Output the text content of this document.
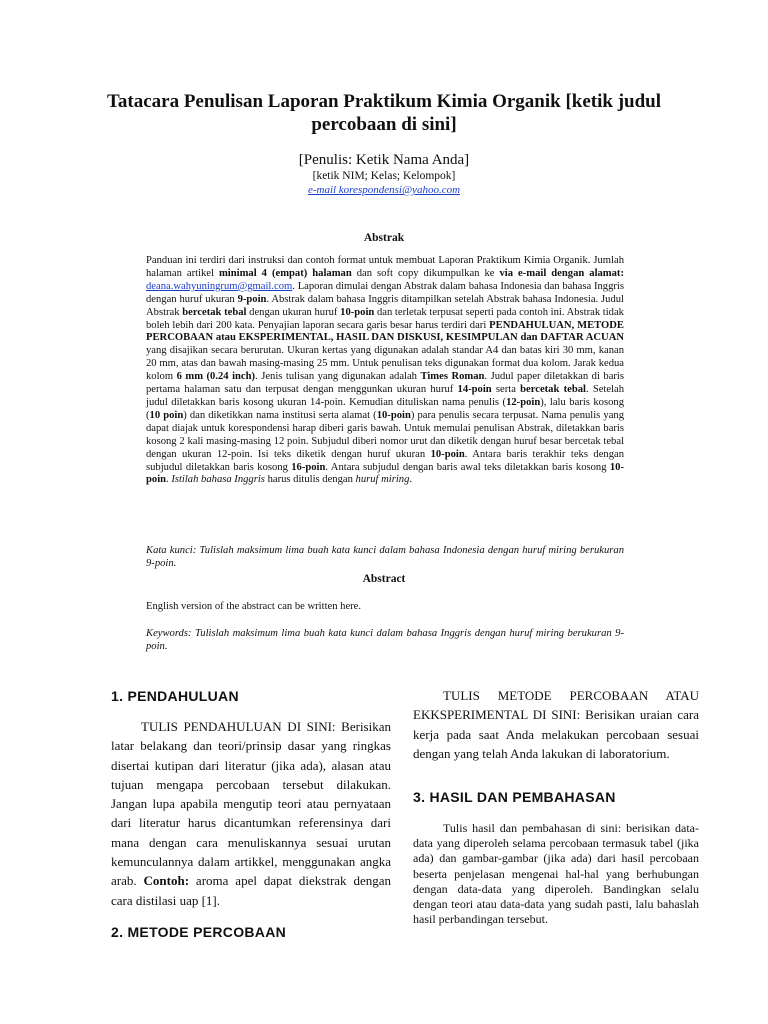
Tatacara Penulisan Laporan Praktikum Kimia Organik [ketik judul percobaan di sini]
[Penulis: Ketik Nama Anda]
[ketik NIM; Kelas; Kelompok]
e-mail korespondensi@yahoo.com
Abstrak
Panduan ini terdiri dari instruksi dan contoh format untuk membuat Laporan Praktikum Kimia Organik. Jumlah halaman artikel minimal 4 (empat) halaman dan soft copy dikumpulkan ke via e-mail dengan alamat: deana.wahyuningrum@gmail.com. Laporan dimulai dengan Abstrak dalam bahasa Indonesia dan bahasa Inggris dengan huruf ukuran 9-poin. Abstrak dalam bahasa Inggris ditampilkan setelah Abstrak bahasa Indonesia. Judul Abstrak bercetak tebal dengan ukuran huruf 10-poin dan terletak terpusat seperti pada contoh ini. Abstrak tidak boleh lebih dari 200 kata. Penyajian laporan secara garis besar harus terdiri dari PENDAHULUAN, METODE PERCOBAAN atau EKSPERIMENTAL, HASIL DAN DISKUSI, KESIMPULAN dan DAFTAR ACUAN yang disajikan secara berurutan. Ukuran kertas yang digunakan adalah standar A4 dan batas kiri 30 mm, kanan 20 mm, atas dan bawah masing-masing 25 mm. Untuk penulisan teks digunakan format dua kolom. Jarak kedua kolom 6 mm (0.24 inch). Jenis tulisan yang digunakan adalah Times Roman. Judul paper diletakkan di baris pertama halaman satu dan terpusat dengan menggunkan ukuran huruf 14-poin serta bercetak tebal. Setelah judul diletakkan baris kosong ukuran 14-poin. Kemudian dituliskan nama penulis (12-poin), lalu baris kosong (10 poin) dan diketikkan nama institusi serta alamat (10-poin) para penulis secara terpusat. Nama penulis yang dapat diajak untuk korespondensi harap diberi garis bawah. Untuk memulai penulisan Abstrak, diletakkan baris kosong 2 kali masing-masing 12 poin. Subjudul diberi nomor urut dan diketik dengan huruf besar bercetak tebal dengan ukuran 12-poin. Isi teks diketik dengan huruf ukuran 10-poin. Antara baris terakhir teks dengan subjudul diletakkan baris kosong 16-poin. Antara subjudul dengan baris awal teks diletakkan baris kosong 10-poin. Istilah bahasa Inggris harus ditulis dengan huruf miring.
Kata kunci: Tulislah maksimum lima buah kata kunci dalam bahasa Indonesia dengan huruf miring berukuran 9-poin.
Abstract
English version of the abstract can be written here.
Keywords: Tulislah maksimum lima buah kata kunci dalam bahasa Inggris dengan huruf miring berukuran 9-poin.
1. PENDAHULUAN
TULIS PENDAHULUAN DI SINI: Berisikan latar belakang dan teori/prinsip dasar yang ringkas disertai kutipan dari literatur (jika ada), alasan atau tujuan mengapa percobaan tersebut dilakukan. Jangan lupa apabila mengutip teori atau pernyataan dari literatur harus dicantumkan referensinya dari mana dengan cara menuliskannya sesuai urutan kemunculannya dalam artikkel, menggunakan angka arab. Contoh: aroma apel dapat diekstrak dengan cara distilasi uap [1].
2. METODE PERCOBAAN
TULIS METODE PERCOBAAN ATAU EKKSPERIMENTAL DI SINI: Berisikan uraian cara kerja pada saat Anda melakukan percobaan sesuai dengan yang telah Anda lakukan di laboratorium.
3. HASIL DAN PEMBAHASAN
Tulis hasil dan pembahasan di sini: berisikan data-data yang diperoleh selama percobaan termasuk tabel (jika ada) dan gambar-gambar (jika ada) dari hasil percobaan beserta penjelasan mengenai hal-hal yang berhubungan dengan data-data yang diperoleh. Bandingkan selalu dengan teori atau data-data yang sudah pasti, lalu bahaslah hasil perbandingan tersebut.
